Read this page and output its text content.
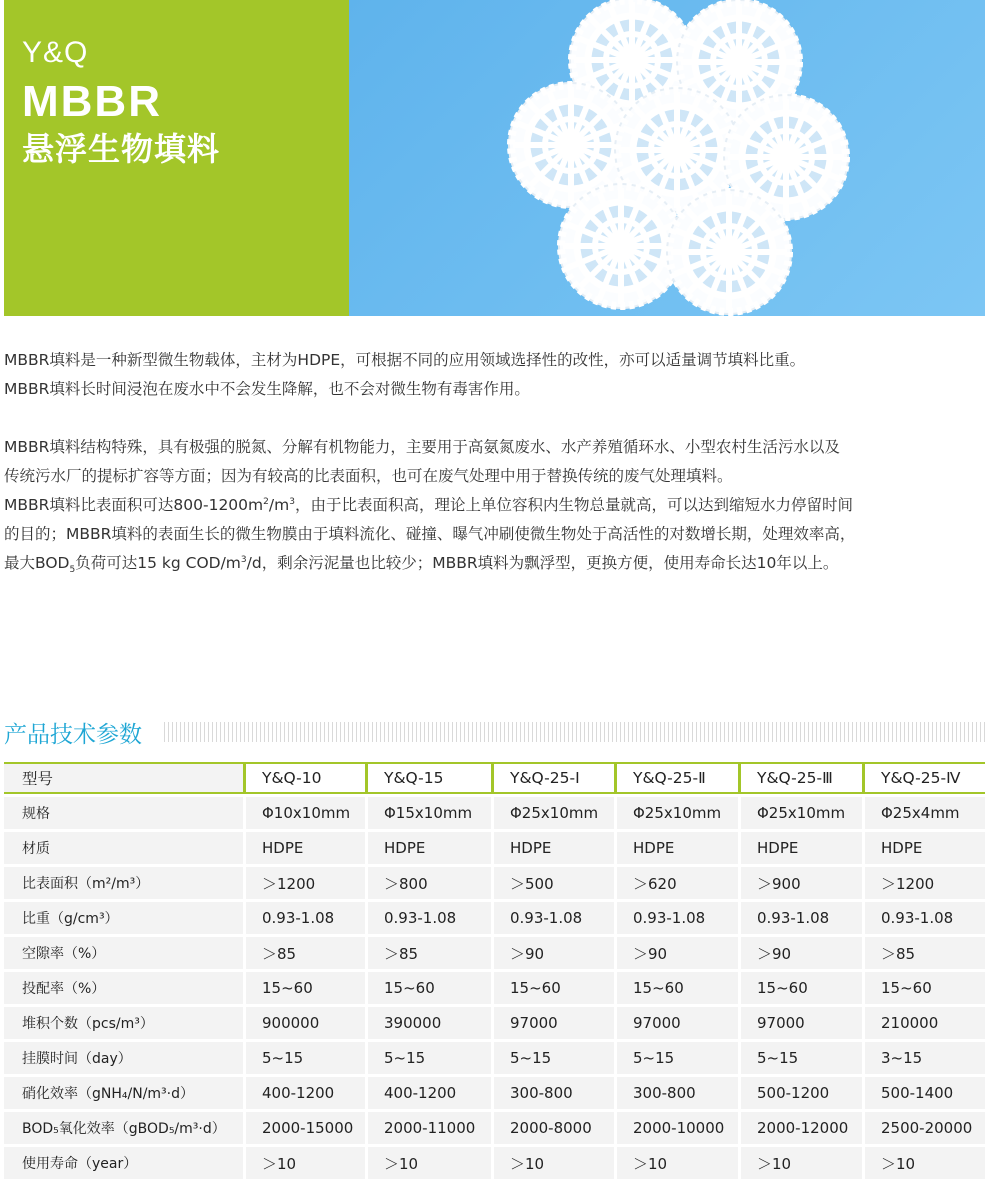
Y&Q
MBBR
悬浮生物填料

MBBR填料是一种新型微生物载体，主材为HDPE，可根据不同的应用领域选择性的改性，亦可以适量调节填料比重。

MBBR填料长时间浸泡在废水中不会发生降解，也不会对微生物有毒害作用。

MBBR填料结构特殊，具有极强的脱氮、分解有机物能力，主要用于高氨氮废水、水产养殖循环水、小型农村生活污水以及

传统污水厂的提标扩容等方面；因为有较高的比表面积，也可在废气处理中用于替换传统的废气处理填料。

MBBR填料比表面积可达$800-1200m^2/m^3$，由于比表面积高，理论上单位容积内生物总量就高，可以达到缩短水力停留时间

的目的；MBBR填料的表面生长的微生物膜由于填料流化、碰撞、曝气冲刷使微生物处于高活性的对数增长期，处理效率高，

最大$BOD_5$负荷可达15 kg COD/$m^3/d$，剩余污泥量也比较少；MBBR填料为飘浮型，更换方便，使用寿命长达10年以上。

产品技术参数
型号	Y&Q-10	Y&Q-15	Y&Q-25-Ⅰ	Y&Q-25-Ⅱ	Y&Q-25-Ⅲ	Y&Q-25-Ⅳ
规格	Φ10x10mm	Φ15x10mm	Φ25x10mm	Φ25x10mm	Φ25x10mm	Φ25x4mm
材质	HDPE	HDPE	HDPE	HDPE	HDPE	HDPE
比表面积（m²/m³）	＞1200	＞800	＞500	＞620	＞900	＞1200
比重（g/cm³）	0.93-1.08	0.93-1.08	0.93-1.08	0.93-1.08	0.93-1.08	0.93-1.08
空隙率（%）	＞85	＞85	＞90	＞90	＞90	＞85
投配率（%）	15~60	15~60	15~60	15~60	15~60	15~60
堆积个数（pcs/m³）	900000	390000	97000	97000	97000	210000
挂膜时间（day）	5~15	5~15	5~15	5~15	5~15	3~15
硝化效率（gNH₄/N/m³·d）	400-1200	400-1200	300-800	300-800	500-1200	500-1400
BOD₅氧化效率（gBOD₅/m³·d）	2000-15000	2000-11000	2000-8000	2000-10000	2000-12000	2500-20000
使用寿命（year）	＞10	＞10	＞10	＞10	＞10	＞10
